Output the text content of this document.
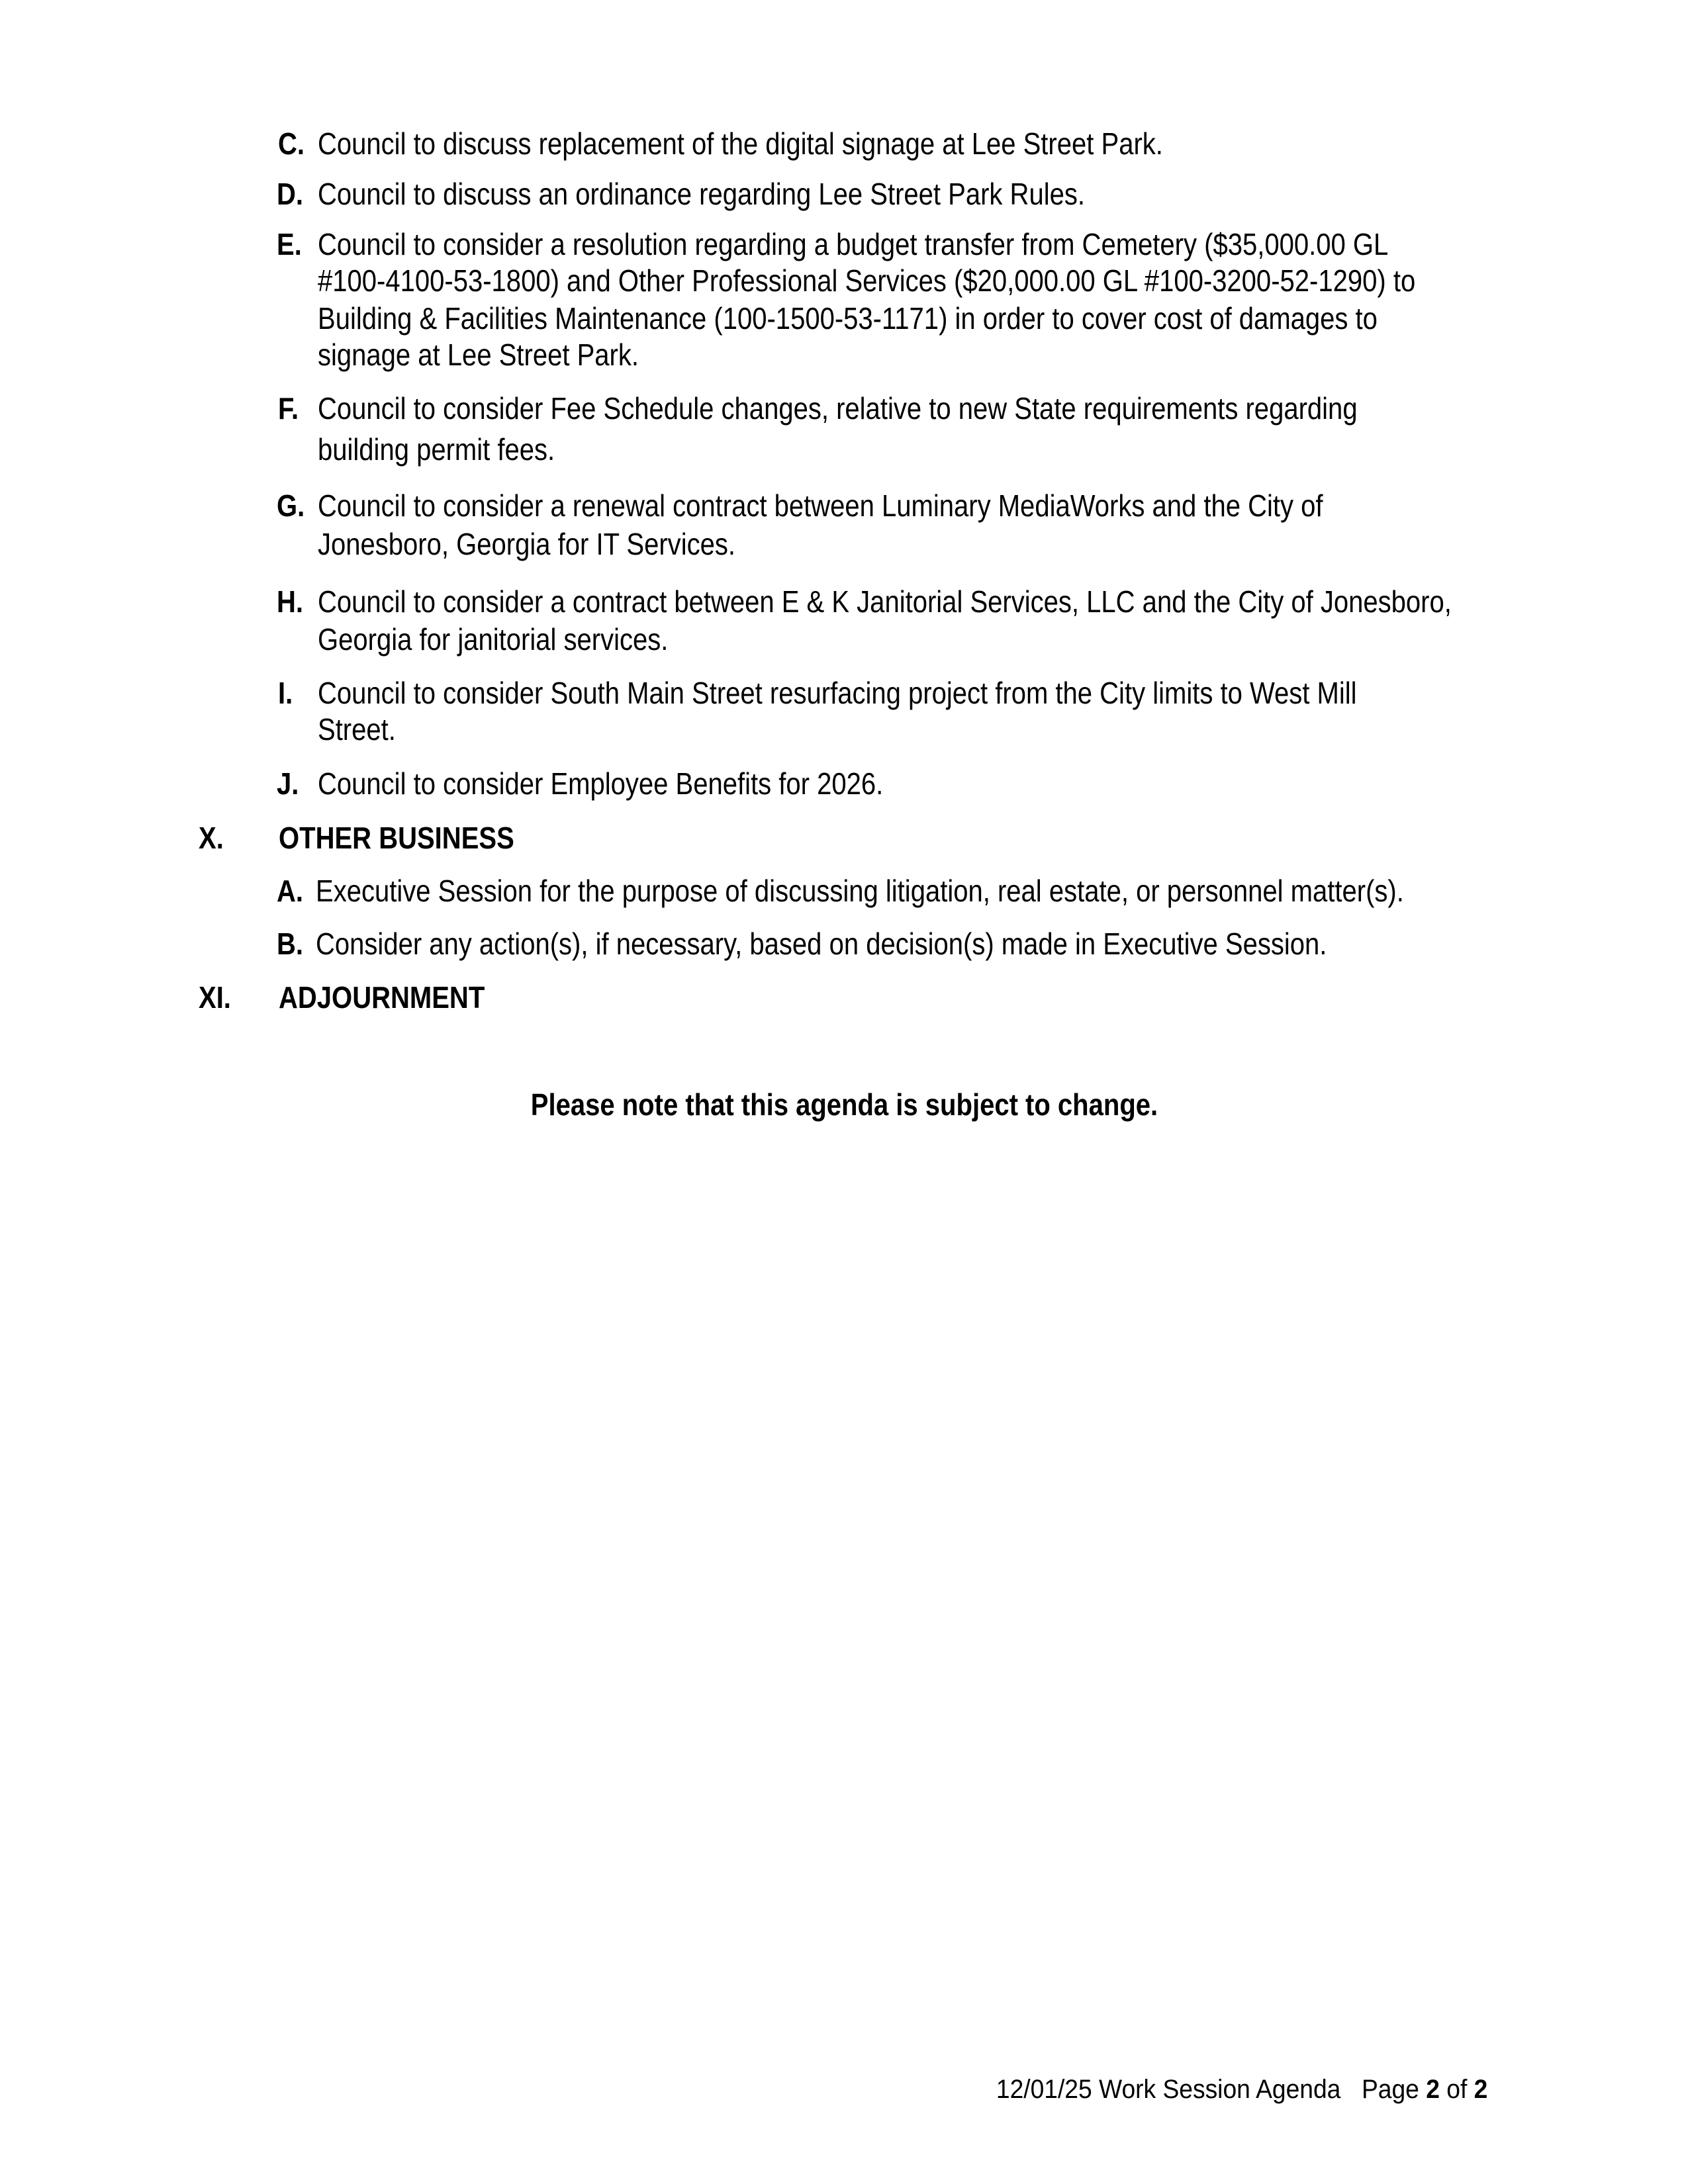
C. Council to discuss replacement of the digital signage at Lee Street Park.
D. Council to discuss an ordinance regarding Lee Street Park Rules.
E. Council to consider a resolution regarding a budget transfer from Cemetery ($35,000.00 GL
#100-4100-53-1800) and Other Professional Services ($20,000.00 GL #100-3200-52-1290) to
Building & Facilities Maintenance (100-1500-53-1171) in order to cover cost of damages to
signage at Lee Street Park.
F. Council to consider Fee Schedule changes, relative to new State requirements regarding
building permit fees.
G. Council to consider a renewal contract between Luminary MediaWorks and the City of
Jonesboro, Georgia for IT Services.
H. Council to consider a contract between E & K Janitorial Services, LLC and the City of Jonesboro,
Georgia for janitorial services.
I. Council to consider South Main Street resurfacing project from the City limits to West Mill
Street.
J. Council to consider Employee Benefits for 2026.
X. OTHER BUSINESS
A. Executive Session for the purpose of discussing litigation, real estate, or personnel matter(s).
B. Consider any action(s), if necessary, based on decision(s) made in Executive Session.
XI. ADJOURNMENT
Please note that this agenda is subject to change.
12/01/25 Work Session Agenda Page 2 of 2
